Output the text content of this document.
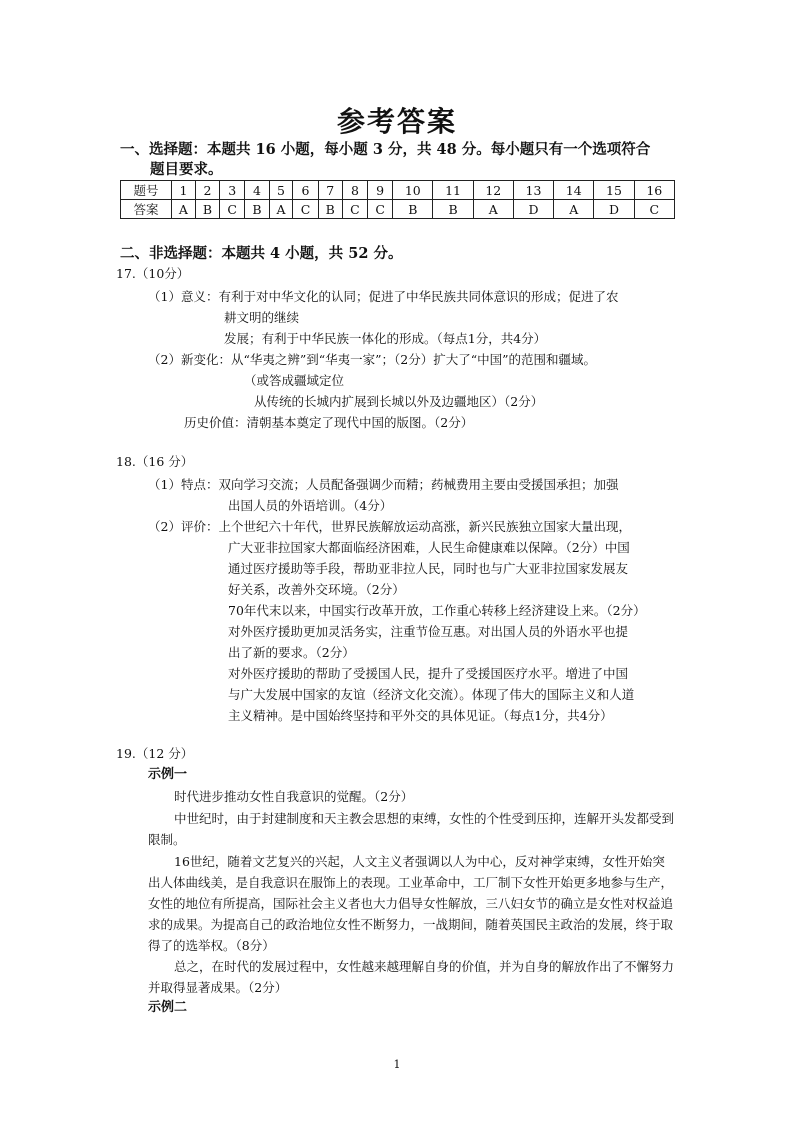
参考答案
一、选择题：本题共 16 小题，每小题 3 分，共 48 分。每小题只有一个选项符合
题目要求。
题号	1	2	3	4	5	6	7	8	9	10	11	12	13	14	15	16
答案	A	B	C	B	A	C	B	C	C	B	B	A	D	A	D	C
二、非选择题：本题共 4 小题，共 52 分。
17.（10分）
（1）意义：有利于对中华文化的认同；促进了中华民族共同体意识的形成；促进了农
耕文明的继续
发展；有利于中华民族一体化的形成。（每点1分，共4分）
（2）新变化：从“华夷之辨”到“华夷一家”；（2分）扩大了“中国”的范围和疆域。
（或答成疆域定位
从传统的长城内扩展到长城以外及边疆地区）（2分）
历史价值：清朝基本奠定了现代中国的版图。（2分）
18.（16 分）
（1）特点：双向学习交流；人员配备强调少而精；药械费用主要由受援国承担；加强
出国人员的外语培训。（4分）
（2）评价：上个世纪六十年代，世界民族解放运动高涨，新兴民族独立国家大量出现，
广大亚非拉国家大都面临经济困难，人民生命健康难以保障。（2分）中国
通过医疗援助等手段，帮助亚非拉人民，同时也与广大亚非拉国家发展友
好关系，改善外交环境。（2分）
70年代末以来，中国实行改革开放，工作重心转移上经济建设上来。（2分）
对外医疗援助更加灵活务实，注重节俭互惠。对出国人员的外语水平也提
出了新的要求。（2分）
对外医疗援助的帮助了受援国人民，提升了受援国医疗水平。增进了中国
与广大发展中国家的友谊（经济文化交流）。体现了伟大的国际主义和人道
主义精神。是中国始终坚持和平外交的具体见证。（每点1分，共4分）
19.（12 分）
示例一
时代进步推动女性自我意识的觉醒。（2分）
中世纪时，由于封建制度和天主教会思想的束缚，女性的个性受到压抑，连解开头发都受到限制。
16世纪，随着文艺复兴的兴起，人文主义者强调以人为中心，反对神学束缚，女性开始突出人体曲线美，是自我意识在服饰上的表现。工业革命中，工厂制下女性开始更多地参与生产，女性的地位有所提高，国际社会主义者也大力倡导女性解放，三八妇女节的确立是女性对权益追求的成果。为提高自己的政治地位女性不断努力，一战期间，随着英国民主政治的发展，终于取得了的选举权。（8分）
总之，在时代的发展过程中，女性越来越理解自身的价值，并为自身的解放作出了不懈努力并取得显著成果。（2分）
示例二
1
